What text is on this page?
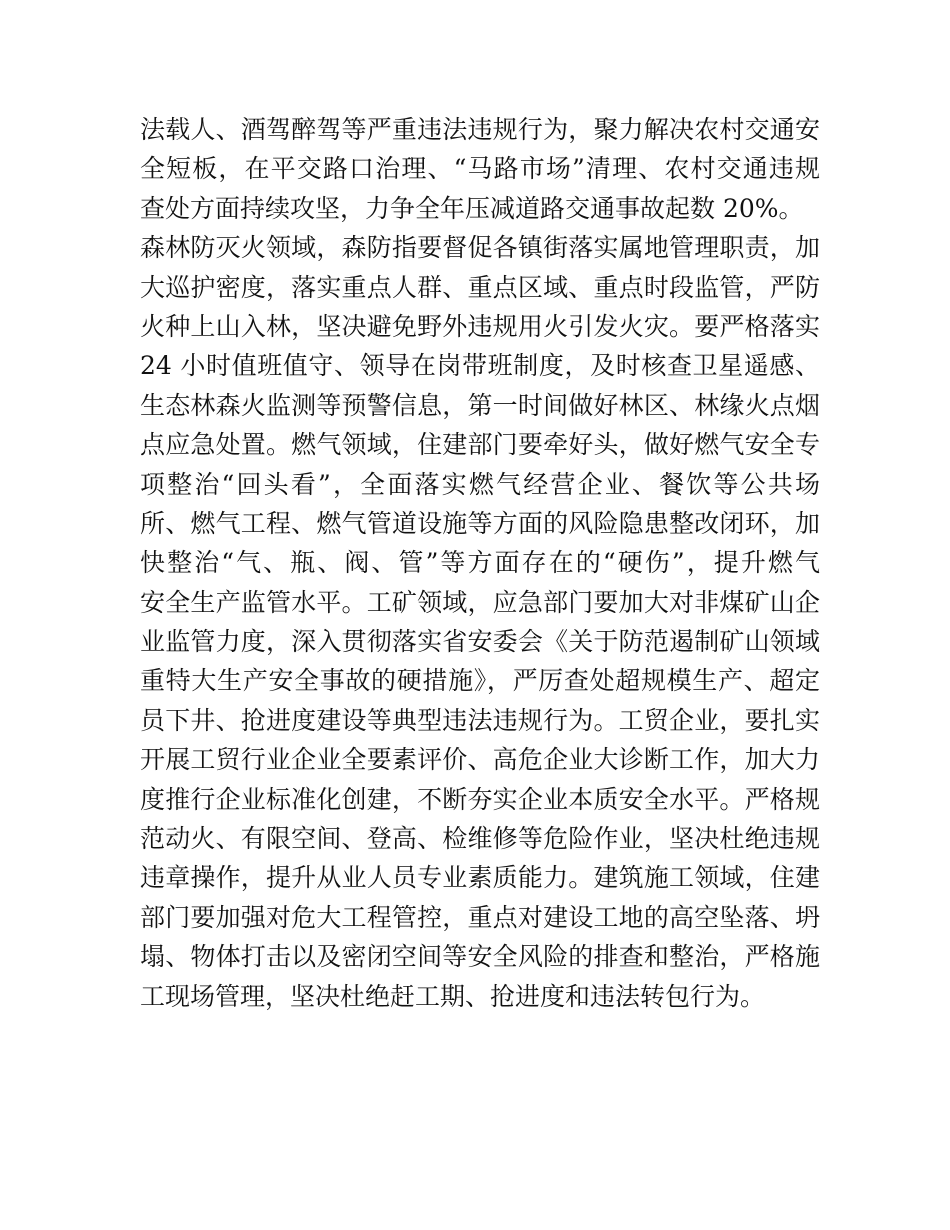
法载人、酒驾醉驾等严重违法违规行为，聚力解决农村交通安
全短板，在平交路口治理、“马路市场”清理、农村交通违规
查处方面持续攻坚，力争全年压减道路交通事故起数 20%。
森林防灭火领域，森防指要督促各镇街落实属地管理职责，加
大巡护密度，落实重点人群、重点区域、重点时段监管，严防
火种上山入林，坚决避免野外违规用火引发火灾。要严格落实
24 小时值班值守、领导在岗带班制度，及时核查卫星遥感、
生态林森火监测等预警信息，第一时间做好林区、林缘火点烟
点应急处置。燃气领域，住建部门要牵好头，做好燃气安全专
项整治“回头看”，全面落实燃气经营企业、餐饮等公共场
所、燃气工程、燃气管道设施等方面的风险隐患整改闭环，加
快整治“气、瓶、阀、管”等方面存在的“硬伤”，提升燃气
安全生产监管水平。工矿领域，应急部门要加大对非煤矿山企
业监管力度，深入贯彻落实省安委会《关于防范遏制矿山领域
重特大生产安全事故的硬措施》，严厉查处超规模生产、超定
员下井、抢进度建设等典型违法违规行为。工贸企业，要扎实
开展工贸行业企业全要素评价、高危企业大诊断工作，加大力
度推行企业标准化创建，不断夯实企业本质安全水平。严格规
范动火、有限空间、登高、检维修等危险作业，坚决杜绝违规
违章操作，提升从业人员专业素质能力。建筑施工领域，住建
部门要加强对危大工程管控，重点对建设工地的高空坠落、坍
塌、物体打击以及密闭空间等安全风险的排查和整治，严格施
工现场管理，坚决杜绝赶工期、抢进度和违法转包行为。
